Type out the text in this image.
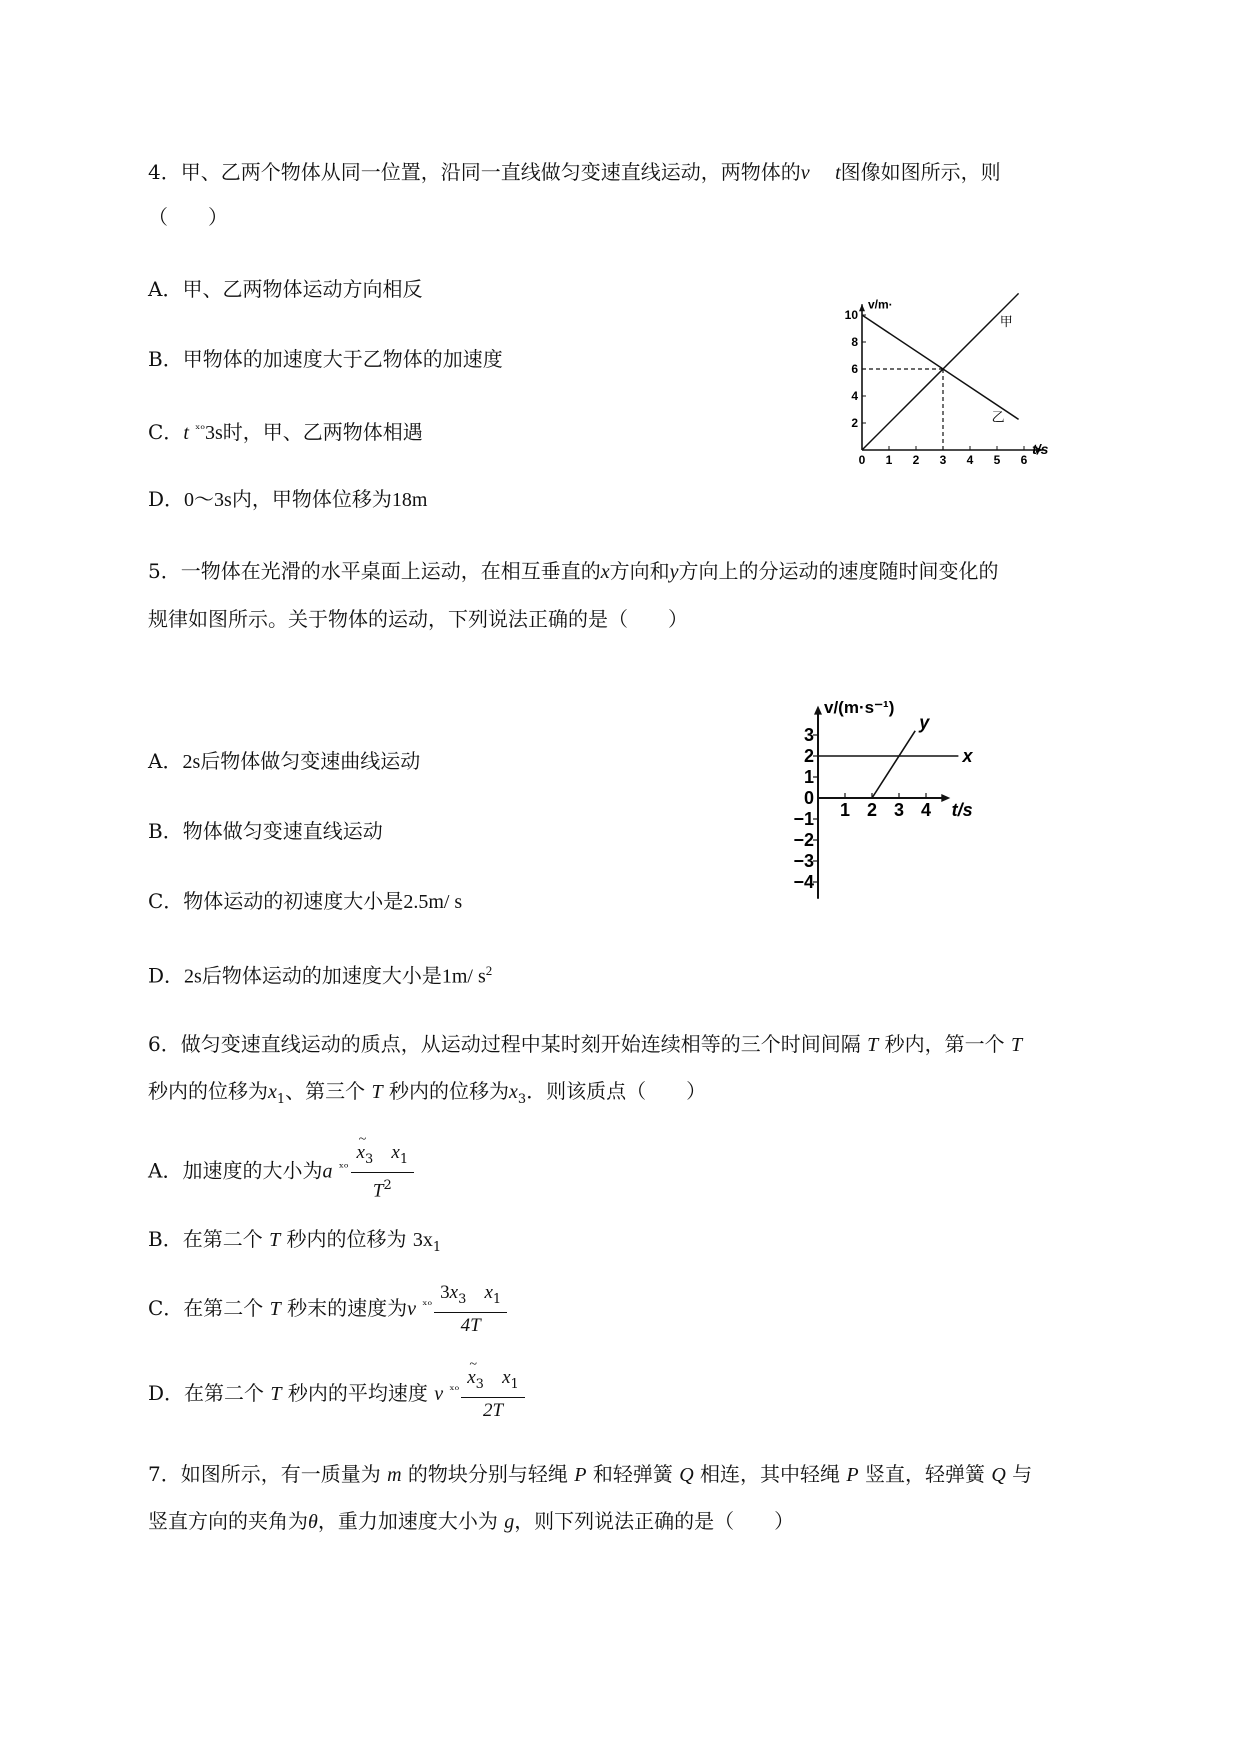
4．甲、乙两个物体从同一位置，沿同一直线做匀变速直线运动，两物体的v t图像如图所示，则
（　　）
A．甲、乙两物体运动方向相反
B．甲物体的加速度大于乙物体的加速度
C．t $^{ˣᵒ}$3s时，甲、乙两物体相遇
D．0～3s内，甲物体位移为18m
0 1 2 3 4 5 6
2
4
6
8
10
v/m·
t/s
甲
乙
5．一物体在光滑的水平桌面上运动，在相互垂直的x方向和y方向上的分运动的速度随时间变化的
规律如图所示。关于物体的运动，下列说法正确的是（　　）
A．2s后物体做匀变速曲线运动
B．物体做匀变速直线运动
C．物体运动的初速度大小是2.5m/ s
D．2s后物体运动的加速度大小是1m/ $s^2$
3
2
1
0
−1
−2
−3
−4
1 2 3 4
v/(m·s⁻¹)
t/s
x
y
6．做匀变速直线运动的质点，从运动过程中某时刻开始连续相等的三个时间间隔 T 秒内，第一个 T
秒内的位移为$x_1$、第三个 T 秒内的位移为$x_3$．则该质点（　　）
A．加速度的大小为a $^{ˣᵒ}$ ~ $\frac{x_3 x_1}{T^2}$
B．在第二个 T 秒内的位移为 $3x_1$
C．在第二个 T 秒末的速度为v $^{ˣᵒ} \frac{3x_3 x_1}{4T}$
D．在第二个 T 秒内的平均速度 v $^{ˣᵒ}$ ~ $\frac{x_3 x_1}{2T}$
7．如图所示，有一质量为 m 的物块分别与轻绳 P 和轻弹簧 Q 相连，其中轻绳 P 竖直，轻弹簧 Q 与
竖直方向的夹角为θ，重力加速度大小为 g，则下列说法正确的是（　　）
